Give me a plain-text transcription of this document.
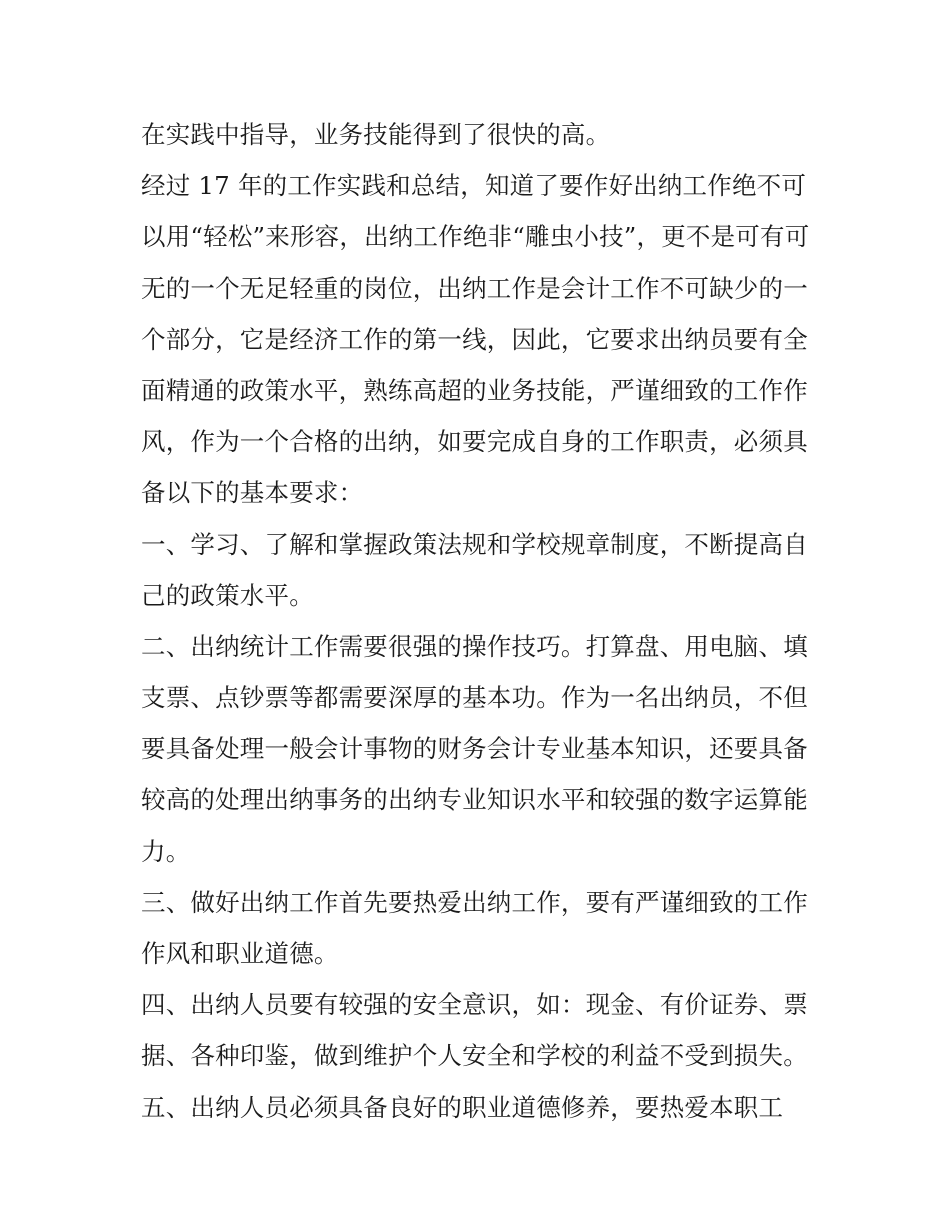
在实践中指导，业务技能得到了很快的高。
经过 17 年的工作实践和总结，知道了要作好出纳工作绝不可
以用“轻松”来形容，出纳工作绝非“雕虫小技”，更不是可有可
无的一个无足轻重的岗位，出纳工作是会计工作不可缺少的一
个部分，它是经济工作的第一线，因此，它要求出纳员要有全
面精通的政策水平，熟练高超的业务技能，严谨细致的工作作
风，作为一个合格的出纳，如要完成自身的工作职责，必须具
备以下的基本要求：
一、学习、了解和掌握政策法规和学校规章制度，不断提高自
己的政策水平。
二、出纳统计工作需要很强的操作技巧。打算盘、用电脑、填
支票、点钞票等都需要深厚的基本功。作为一名出纳员，不但
要具备处理一般会计事物的财务会计专业基本知识，还要具备
较高的处理出纳事务的出纳专业知识水平和较强的数字运算能
力。
三、做好出纳工作首先要热爱出纳工作，要有严谨细致的工作
作风和职业道德。
四、出纳人员要有较强的安全意识，如：现金、有价证券、票
据、各种印鉴，做到维护个人安全和学校的利益不受到损失。
五、出纳人员必须具备良好的职业道德修养，要热爱本职工
